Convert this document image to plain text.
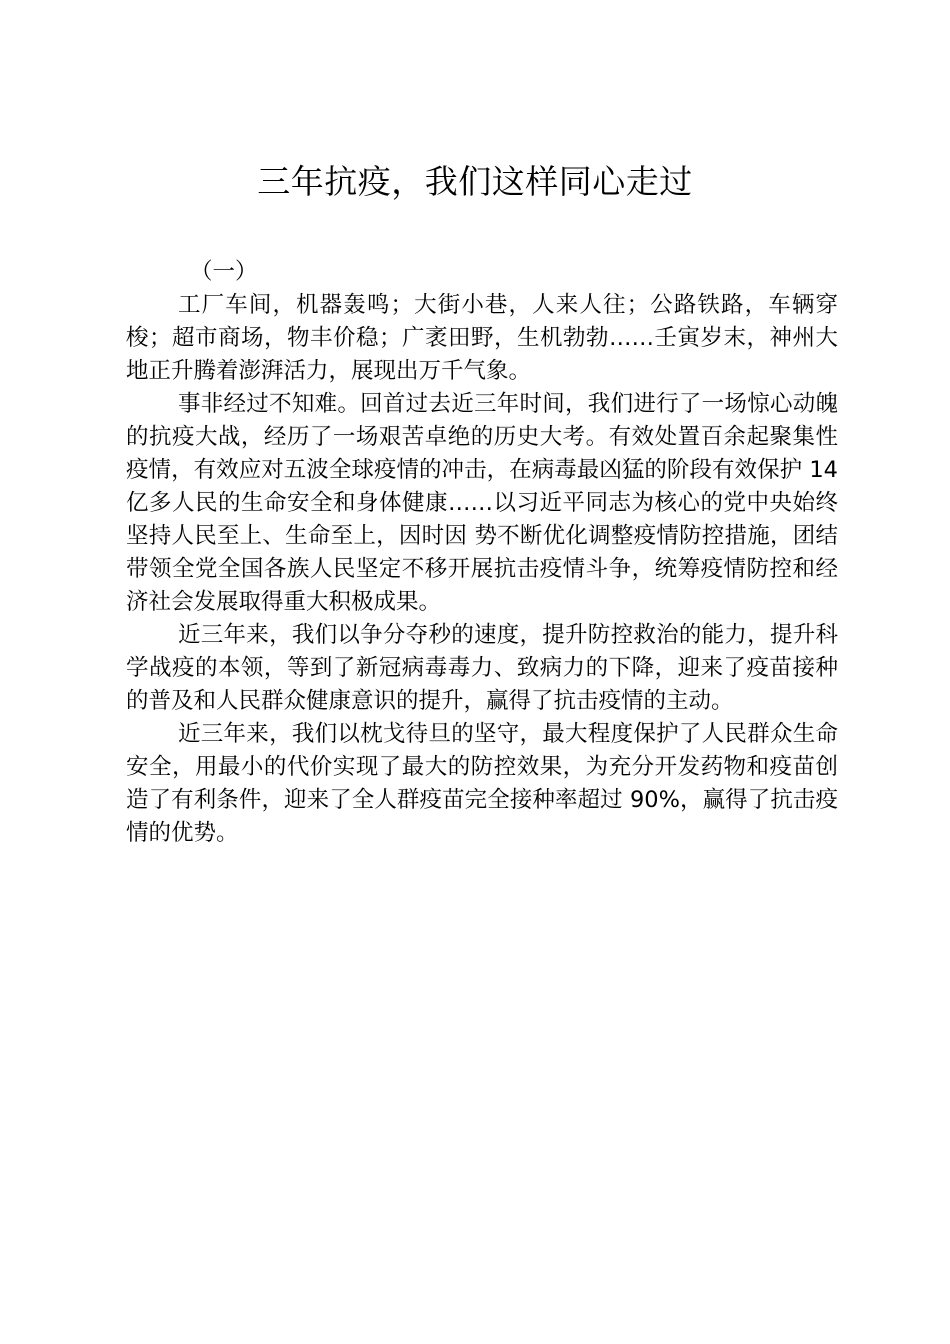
三年抗疫，我们这样同心走过

（一）

工厂车间，机器轰鸣；大街小巷，人来人往；公路铁路，车辆穿梭；超市商场，物丰价稳；广袤田野，生机勃勃……壬寅岁末，神州大地正升腾着澎湃活力，展现出万千气象。

事非经过不知难。回首过去近三年时间，我们进行了一场惊心动魄的抗疫大战，经历了一场艰苦卓绝的历史大考。有效处置百余起聚集性疫情，有效应对五波全球疫情的冲击，在病毒最凶猛的阶段有效保护 14 亿多人民的生命安全和身体健康……以习近平同志为核心的党中央始终坚持人民至上、生命至上，因时因 势不断优化调整疫情防控措施，团结带领全党全国各族人民坚定不移开展抗击疫情斗争，统筹疫情防控和经济社会发展取得重大积极成果。

近三年来，我们以争分夺秒的速度，提升防控救治的能力，提升科学战疫的本领，等到了新冠病毒毒力、致病力的下降，迎来了疫苗接种的普及和人民群众健康意识的提升，赢得了抗击疫情的主动。

近三年来，我们以枕戈待旦的坚守，最大程度保护了人民群众生命安全，用最小的代价实现了最大的防控效果，为充分开发药物和疫苗创造了有利条件，迎来了全人群疫苗完全接种率超过 90%，赢得了抗击疫情的优势。
